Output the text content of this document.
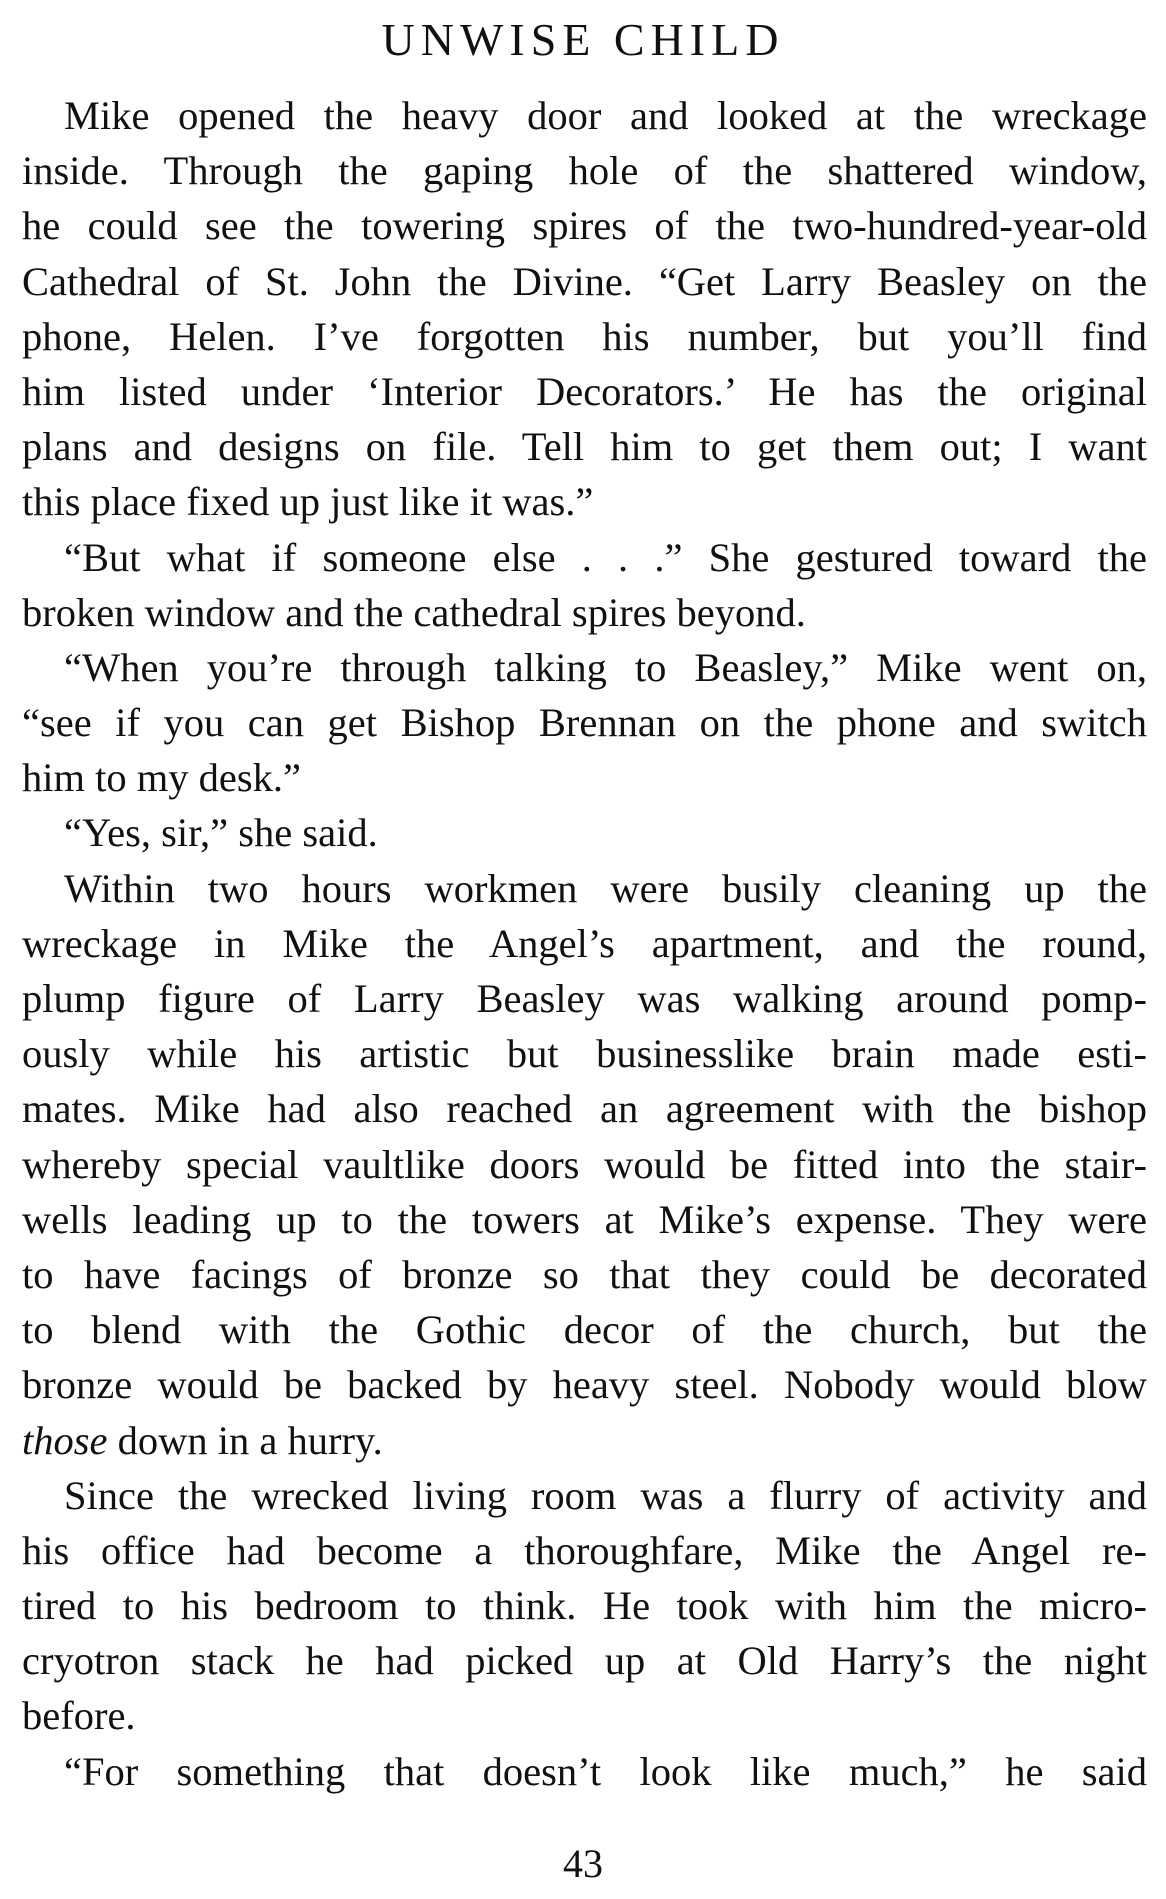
UNWISE CHILD
Mike opened the heavy door and looked at the wreckage
inside. Through the gaping hole of the shattered window,
he could see the towering spires of the two-hundred-year-old
Cathedral of St. John the Divine. “Get Larry Beasley on the
phone, Helen. I’ve forgotten his number, but you’ll find
him listed under ‘Interior Decorators.’ He has the original
plans and designs on file. Tell him to get them out; I want
this place fixed up just like it was.”
“But what if someone else . . .” She gestured toward the
broken window and the cathedral spires beyond.
“When you’re through talking to Beasley,” Mike went on,
“see if you can get Bishop Brennan on the phone and switch
him to my desk.”
“Yes, sir,” she said.
Within two hours workmen were busily cleaning up the
wreckage in Mike the Angel’s apartment, and the round,
plump figure of Larry Beasley was walking around pomp-
ously while his artistic but businesslike brain made esti-
mates. Mike had also reached an agreement with the bishop
whereby special vaultlike doors would be fitted into the stair-
wells leading up to the towers at Mike’s expense. They were
to have facings of bronze so that they could be decorated
to blend with the Gothic decor of the church, but the
bronze would be backed by heavy steel. Nobody would blow
those down in a hurry.
Since the wrecked living room was a flurry of activity and
his office had become a thoroughfare, Mike the Angel re-
tired to his bedroom to think. He took with him the micro-
cryotron stack he had picked up at Old Harry’s the night
before.
“For something that doesn’t look like much,” he said
43
